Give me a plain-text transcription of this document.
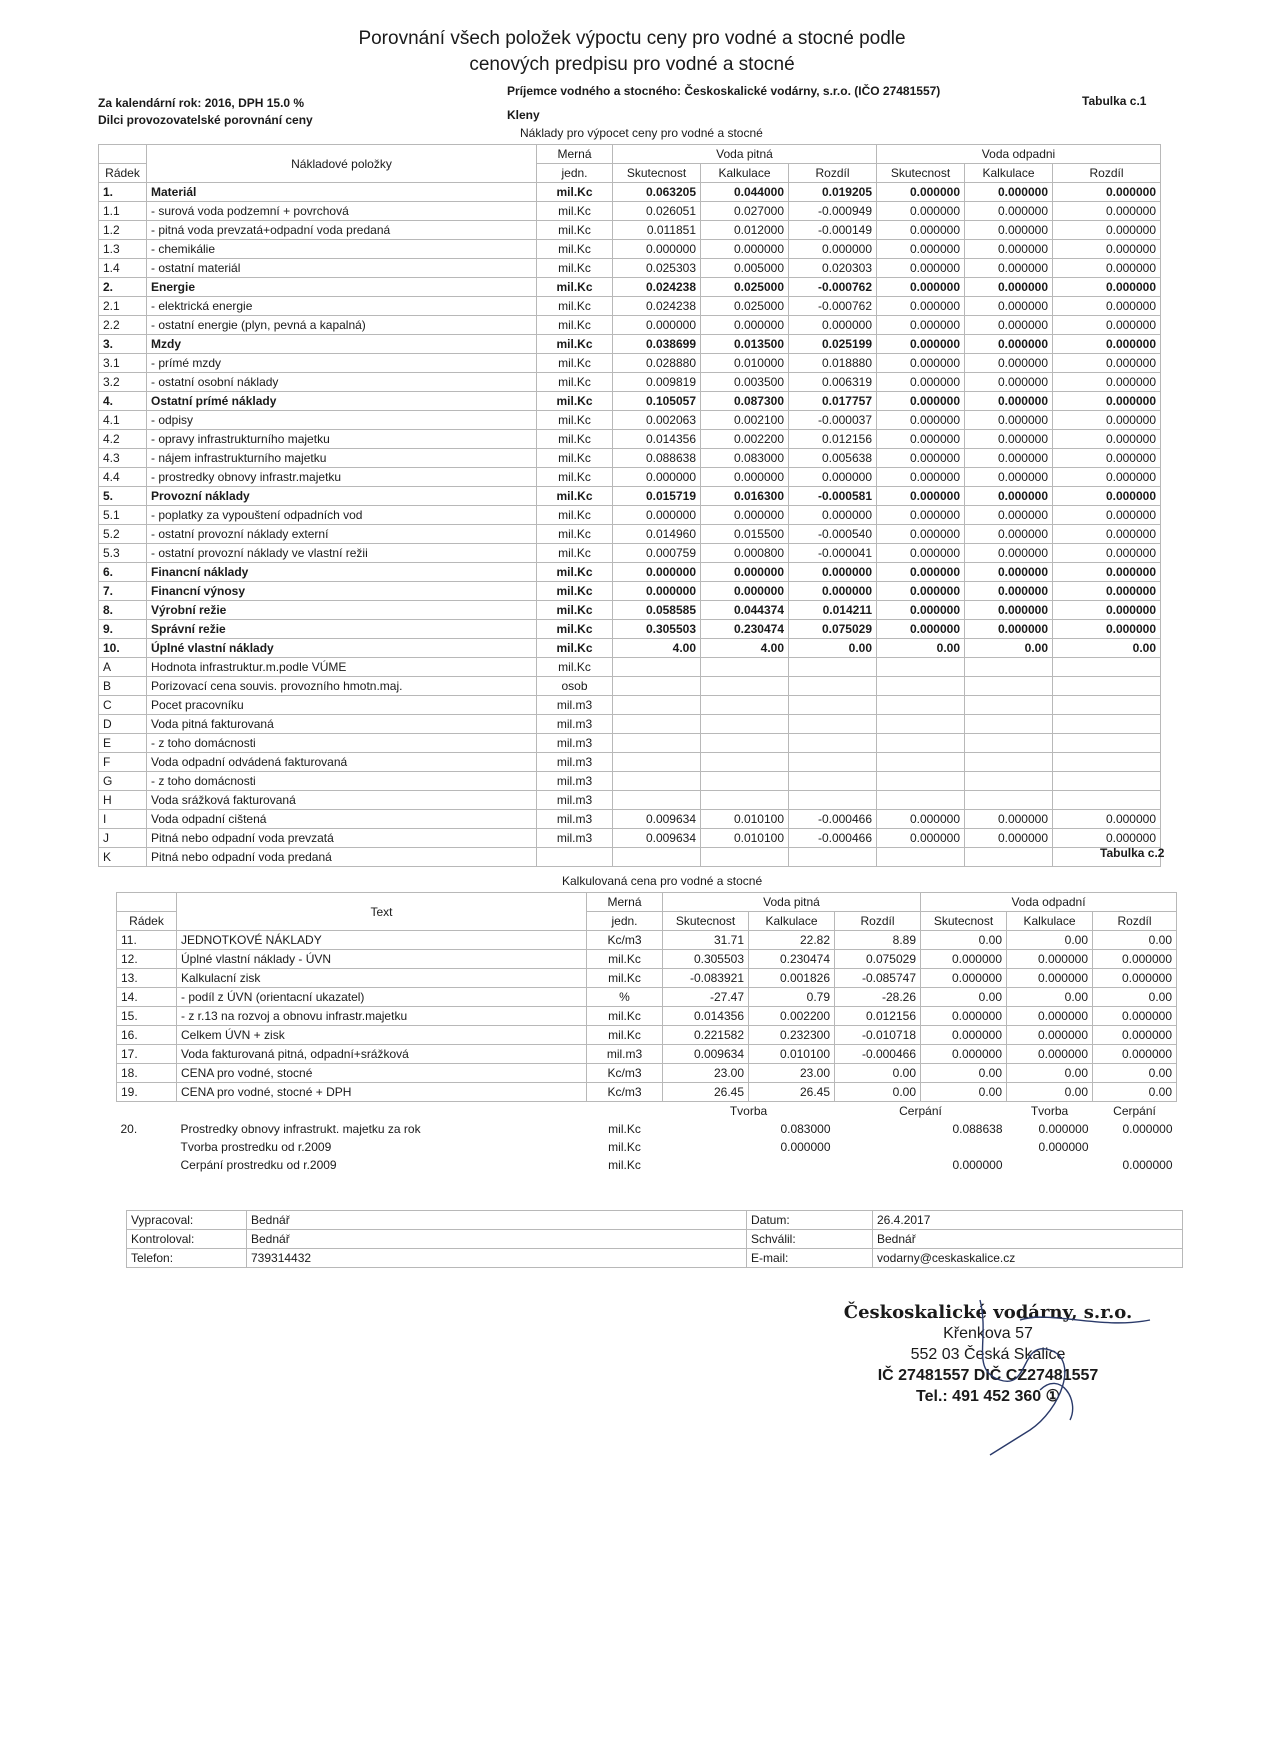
Porovnání všech položek výpoctu ceny pro vodné a stocné podle
cenových predpisu pro vodné a stocné
Za kalendární rok: 2016, DPH 15.0 %
Dilci provozovatelské porovnání ceny
Príjemce vodného a stocného: Českoskalické vodárny, s.r.o. (IČO 27481557)
Kleny
Tabulka c.1
Náklady pro výpocet ceny pro vodné a stocné
	Nákladové položky	Merná	Voda pitná			Voda odpadni		
Rádek		jedn.	Skutecnost	Kalkulace	Rozdíl	Skutecnost	Kalkulace	Rozdíl
1.	Materiál	mil.Kc	0.063205	0.044000	0.019205	0.000000	0.000000	0.000000
1.1	- surová voda podzemní + povrchová	mil.Kc	0.026051	0.027000	-0.000949	0.000000	0.000000	0.000000
1.2	- pitná voda prevzatá+odpadní voda predaná	mil.Kc	0.011851	0.012000	-0.000149	0.000000	0.000000	0.000000
1.3	- chemikálie	mil.Kc	0.000000	0.000000	0.000000	0.000000	0.000000	0.000000
1.4	- ostatní materiál	mil.Kc	0.025303	0.005000	0.020303	0.000000	0.000000	0.000000
2.	Energie	mil.Kc	0.024238	0.025000	-0.000762	0.000000	0.000000	0.000000
2.1	- elektrická energie	mil.Kc	0.024238	0.025000	-0.000762	0.000000	0.000000	0.000000
2.2	- ostatní energie (plyn, pevná a kapalná)	mil.Kc	0.000000	0.000000	0.000000	0.000000	0.000000	0.000000
3.	Mzdy	mil.Kc	0.038699	0.013500	0.025199	0.000000	0.000000	0.000000
3.1	- prímé mzdy	mil.Kc	0.028880	0.010000	0.018880	0.000000	0.000000	0.000000
3.2	- ostatní osobní náklady	mil.Kc	0.009819	0.003500	0.006319	0.000000	0.000000	0.000000
4.	Ostatní prímé náklady	mil.Kc	0.105057	0.087300	0.017757	0.000000	0.000000	0.000000
4.1	- odpisy	mil.Kc	0.002063	0.002100	-0.000037	0.000000	0.000000	0.000000
4.2	- opravy infrastrukturního majetku	mil.Kc	0.014356	0.002200	0.012156	0.000000	0.000000	0.000000
4.3	- nájem infrastrukturního majetku	mil.Kc	0.088638	0.083000	0.005638	0.000000	0.000000	0.000000
4.4	- prostredky obnovy infrastr.majetku	mil.Kc	0.000000	0.000000	0.000000	0.000000	0.000000	0.000000
5.	Provozní náklady	mil.Kc	0.015719	0.016300	-0.000581	0.000000	0.000000	0.000000
5.1	- poplatky za vypouštení odpadních vod	mil.Kc	0.000000	0.000000	0.000000	0.000000	0.000000	0.000000
5.2	- ostatní provozní náklady externí	mil.Kc	0.014960	0.015500	-0.000540	0.000000	0.000000	0.000000
5.3	- ostatní provozní náklady ve vlastní režii	mil.Kc	0.000759	0.000800	-0.000041	0.000000	0.000000	0.000000
6.	Financní náklady	mil.Kc	0.000000	0.000000	0.000000	0.000000	0.000000	0.000000
7.	Financní výnosy	mil.Kc	0.000000	0.000000	0.000000	0.000000	0.000000	0.000000
8.	Výrobní režie	mil.Kc	0.058585	0.044374	0.014211	0.000000	0.000000	0.000000
9.	Správní režie	mil.Kc	0.305503	0.230474	0.075029	0.000000	0.000000	0.000000
10.	Úplné vlastní náklady	mil.Kc	4.00	4.00	0.00	0.00	0.00	0.00
A	Hodnota infrastruktur.m.podle VÚME	mil.Kc						
B	Porizovací cena souvis. provozního hmotn.maj.	osob						
C	Pocet pracovníku	mil.m3						
D	Voda pitná fakturovaná	mil.m3						
E	- z toho domácnosti	mil.m3						
F	Voda odpadní odvádená fakturovaná	mil.m3						
G	- z toho domácnosti	mil.m3						
H	Voda srážková fakturovaná	mil.m3						
I	Voda odpadní cištená	mil.m3	0.009634	0.010100	-0.000466	0.000000	0.000000	0.000000
J	Pitná nebo odpadní voda prevzatá	mil.m3	0.009634	0.010100	-0.000466	0.000000	0.000000	0.000000
K	Pitná nebo odpadní voda predaná								Tabulka c.2
Kalkulovaná cena pro vodné a stocné
	Text	Merná	Voda pitná			Voda odpadní		
Rádek		jedn.	Skutecnost	Kalkulace	Rozdíl	Skutecnost	Kalkulace	Rozdíl
11.	JEDNOTKOVÉ NÁKLADY	Kc/m3	31.71	22.82	8.89	0.00	0.00	0.00
12.	Úplné vlastní náklady - ÚVN	mil.Kc	0.305503	0.230474	0.075029	0.000000	0.000000	0.000000
13.	Kalkulacní zisk	mil.Kc	-0.083921	0.001826	-0.085747	0.000000	0.000000	0.000000
14.	- podíl z ÚVN (orientacní ukazatel)	%	-27.47	0.79	-28.26	0.00	0.00	0.00
15.	- z r.13 na rozvoj a obnovu infrastr.majetku	mil.Kc	0.014356	0.002200	0.012156	0.000000	0.000000	0.000000
16.	Celkem ÚVN + zisk	mil.Kc	0.221582	0.232300	-0.010718	0.000000	0.000000	0.000000
17.	Voda fakturovaná pitná, odpadní+srážková	mil.m3	0.009634	0.010100	-0.000466	0.000000	0.000000	0.000000
18.	CENA pro vodné, stocné	Kc/m3	23.00	23.00	0.00	0.00	0.00	0.00
19.	CENA pro vodné, stocné + DPH	Kc/m3	26.45	26.45	0.00	0.00	0.00	0.00
			Tvorba		Cerpání		Tvorba	Cerpání
20.	Prostredky obnovy infrastrukt. majetku za rok	mil.Kc	0.083000		0.088638		0.000000	0.000000
	Tvorba prostredku od r.2009	mil.Kc	0.000000				0.000000	
	Cerpání prostredku od r.2009	mil.Kc			0.000000			0.000000
Vypracoval:	Bednář	Datum:	26.4.2017
Kontroloval:	Bednář	Schválil:	Bednář
Telefon:	739314432	E-mail:	vodarny@ceskaskalice.cz
Českoskalické vodárny, s.r.o.
Křenkova 57
552 03 Česká Skalice
IČ 27481557 DIČ CZ27481557
Tel.: 491 452 360 ①
